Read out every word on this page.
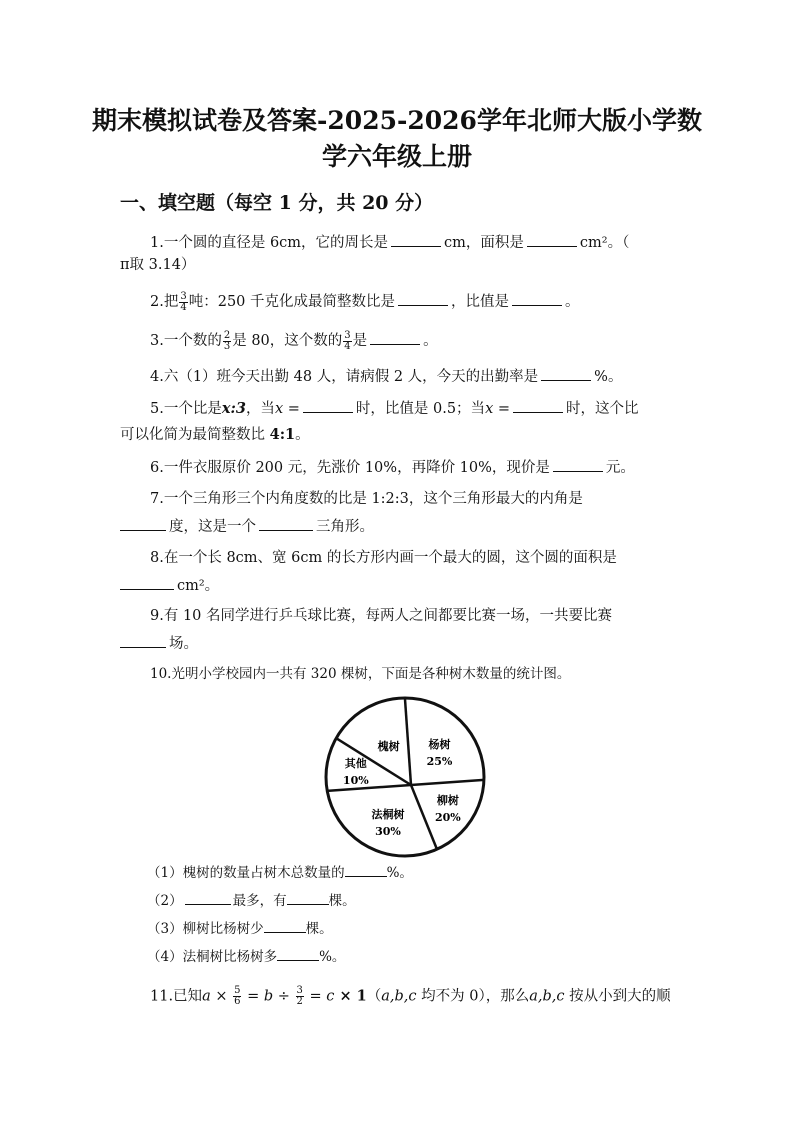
期末模拟试卷及答案-2025-2026学年北师大版小学数
学六年级上册
一、填空题（每空 1 分，共 20 分）
1.一个圆的直径是 6cm，它的周长是	cm，面积是	cm²。（
π取 3.14）
2.把 $\frac{3}{4}$ 吨：250 千克化成最简整数比是	，比值是	。
3.一个数的 $\frac{2}{3}$ 是 80，这个数的 $\frac{3}{4}$ 是	。
4.六（1）班今天出勤 48 人，请病假 2 人，今天的出勤率是	%。
5.一个比是x:3，当x =	时，比值是 0.5；当x =	时，这个比
可以化简为最简整数比 4:1。
6.一件衣服原价 200 元，先涨价 10%，再降价 10%，现价是	元。
7.一个三角形三个内角度数的比是 1:2:3，这个三角形最大的内角是
度，这是一个	三角形。
8.在一个长 8cm、宽 6cm 的长方形内画一个最大的圆，这个圆的面积是
cm²。
9.有 10 名同学进行乒乓球比赛，每两人之间都要比赛一场，一共要比赛
场。
10.光明小学校园内一共有 320 棵树，下面是各种树木数量的统计图。
杨树
25%
柳树
20%
法桐树
30%
其他
10%
槐树
（1）槐树的数量占树木总数量的	%。
（2）	最多，有	棵。
（3）柳树比杨树少	棵。
（4）法桐树比杨树多	%。
11.已知$a \times \frac{5}{6} = b \div \frac{3}{2} = c \times 1(a,b,c$ 均不为 0），那么a,b,c 按从小到大的顺
